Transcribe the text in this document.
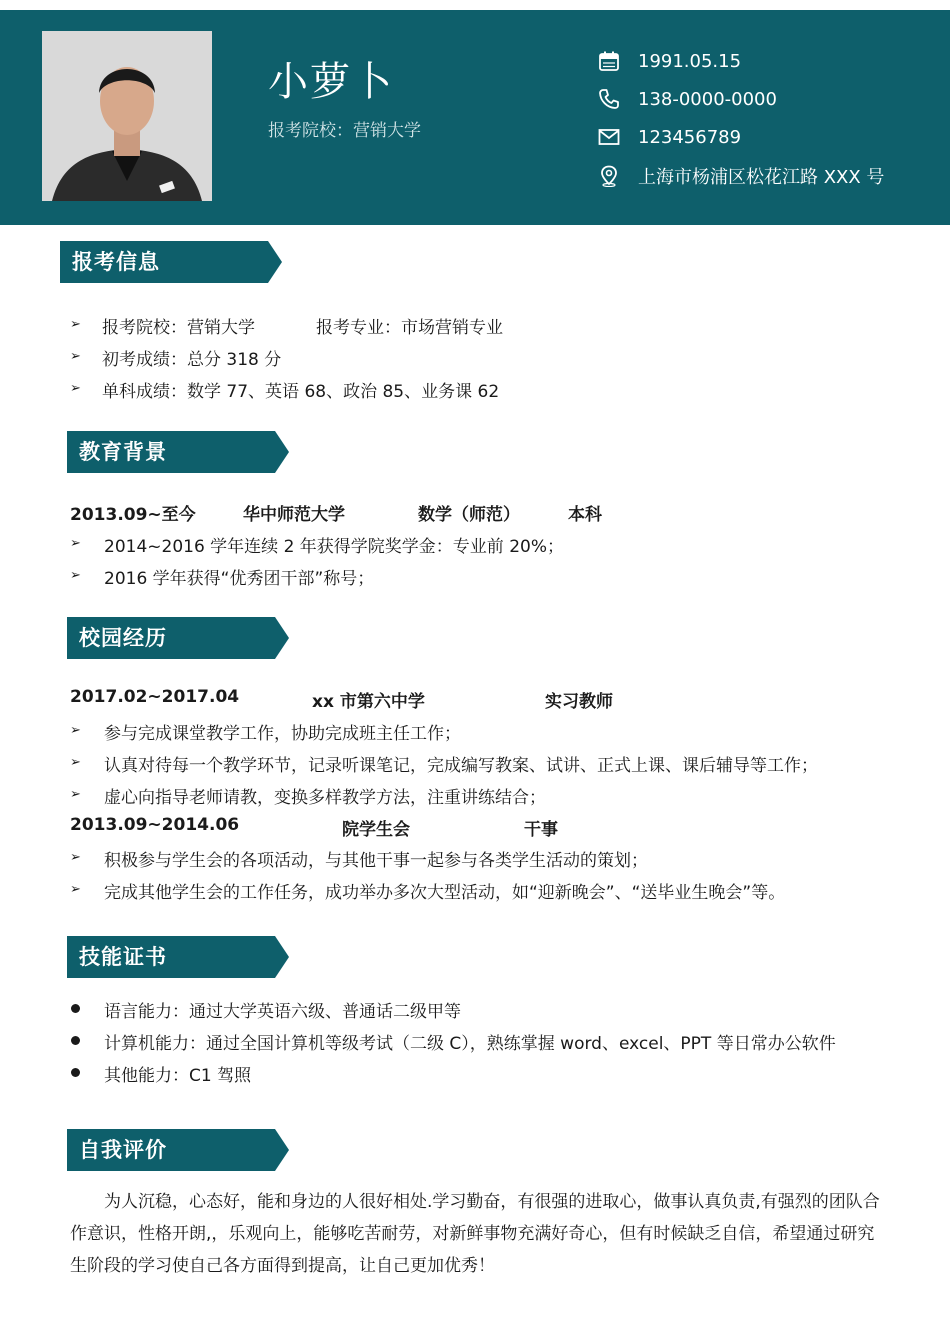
小萝卜
报考院校：营销大学
1991.05.15
138-0000-0000
123456789
上海市杨浦区松花江路 XXX 号
报考信息
➢ 报考院校：营销大学	报考专业：市场营销专业
➢ 初考成绩：总分 318 分
➢ 单科成绩：数学 77、英语 68、政治 85、业务课 62
教育背景
2013.09~至今	华中师范大学	数学（师范）	本科
➢ 2014~2016 学年连续 2 年获得学院奖学金：专业前 20%；
➢ 2016 学年获得“优秀团干部”称号；
校园经历
2017.02~2017.04	xx 市第六中学	实习教师
➢ 参与完成课堂教学工作，协助完成班主任工作；
➢ 认真对待每一个教学环节，记录听课笔记，完成编写教案、试讲、正式上课、课后辅导等工作；
➢ 虚心向指导老师请教，变换多样教学方法，注重讲练结合；
2013.09~2014.06	院学生会	干事
➢ 积极参与学生会的各项活动，与其他干事一起参与各类学生活动的策划；
➢ 完成其他学生会的工作任务，成功举办多次大型活动，如“迎新晚会”、“送毕业生晚会”等。
技能证书
语言能力：通过大学英语六级、普通话二级甲等
计算机能力：通过全国计算机等级考试（二级 C），熟练掌握 word、excel、PPT 等日常办公软件
其他能力：C1 驾照
自我评价
为人沉稳，心态好，能和身边的人很好相处.学习勤奋，有很强的进取心，做事认真负责,有强烈的团队合作意识，性格开朗,，乐观向上，能够吃苦耐劳，对新鲜事物充满好奇心，但有时候缺乏自信，希望通过研究生阶段的学习使自己各方面得到提高，让自己更加优秀！
